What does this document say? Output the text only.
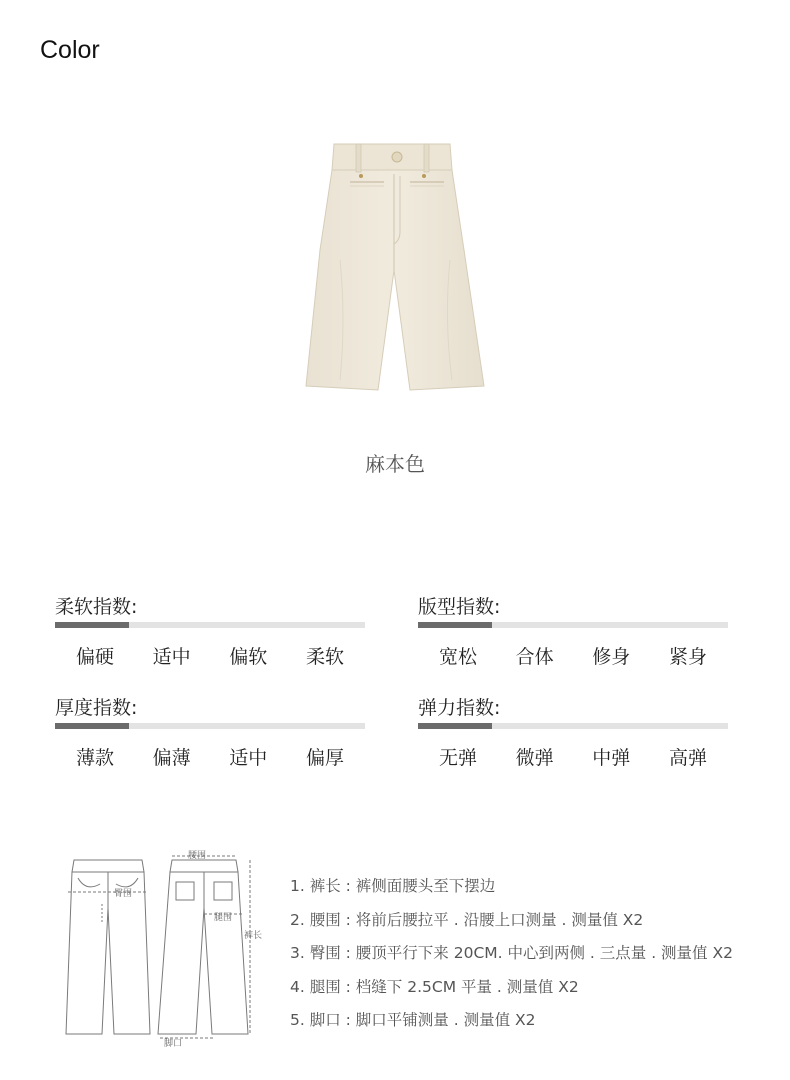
Color
麻本色
柔软指数:
偏硬	适中	偏软	柔软
版型指数:
宽松	合体	修身	紧身
厚度指数:
薄款	偏薄	适中	偏厚
弹力指数:
无弹	微弹	中弹	高弹
腰围
臀围
腿围
裤长
脚口
1. 裤长 : 裤侧面腰头至下摆边
2. 腰围 : 将前后腰拉平 . 沿腰上口测量 . 测量值 X2
3. 臀围 : 腰顶平行下来 20CM. 中心到两侧 . 三点量 . 测量值 X2
4. 腿围 : 档缝下 2.5CM 平量 . 测量值 X2
5. 脚口 : 脚口平铺测量 . 测量值 X2
